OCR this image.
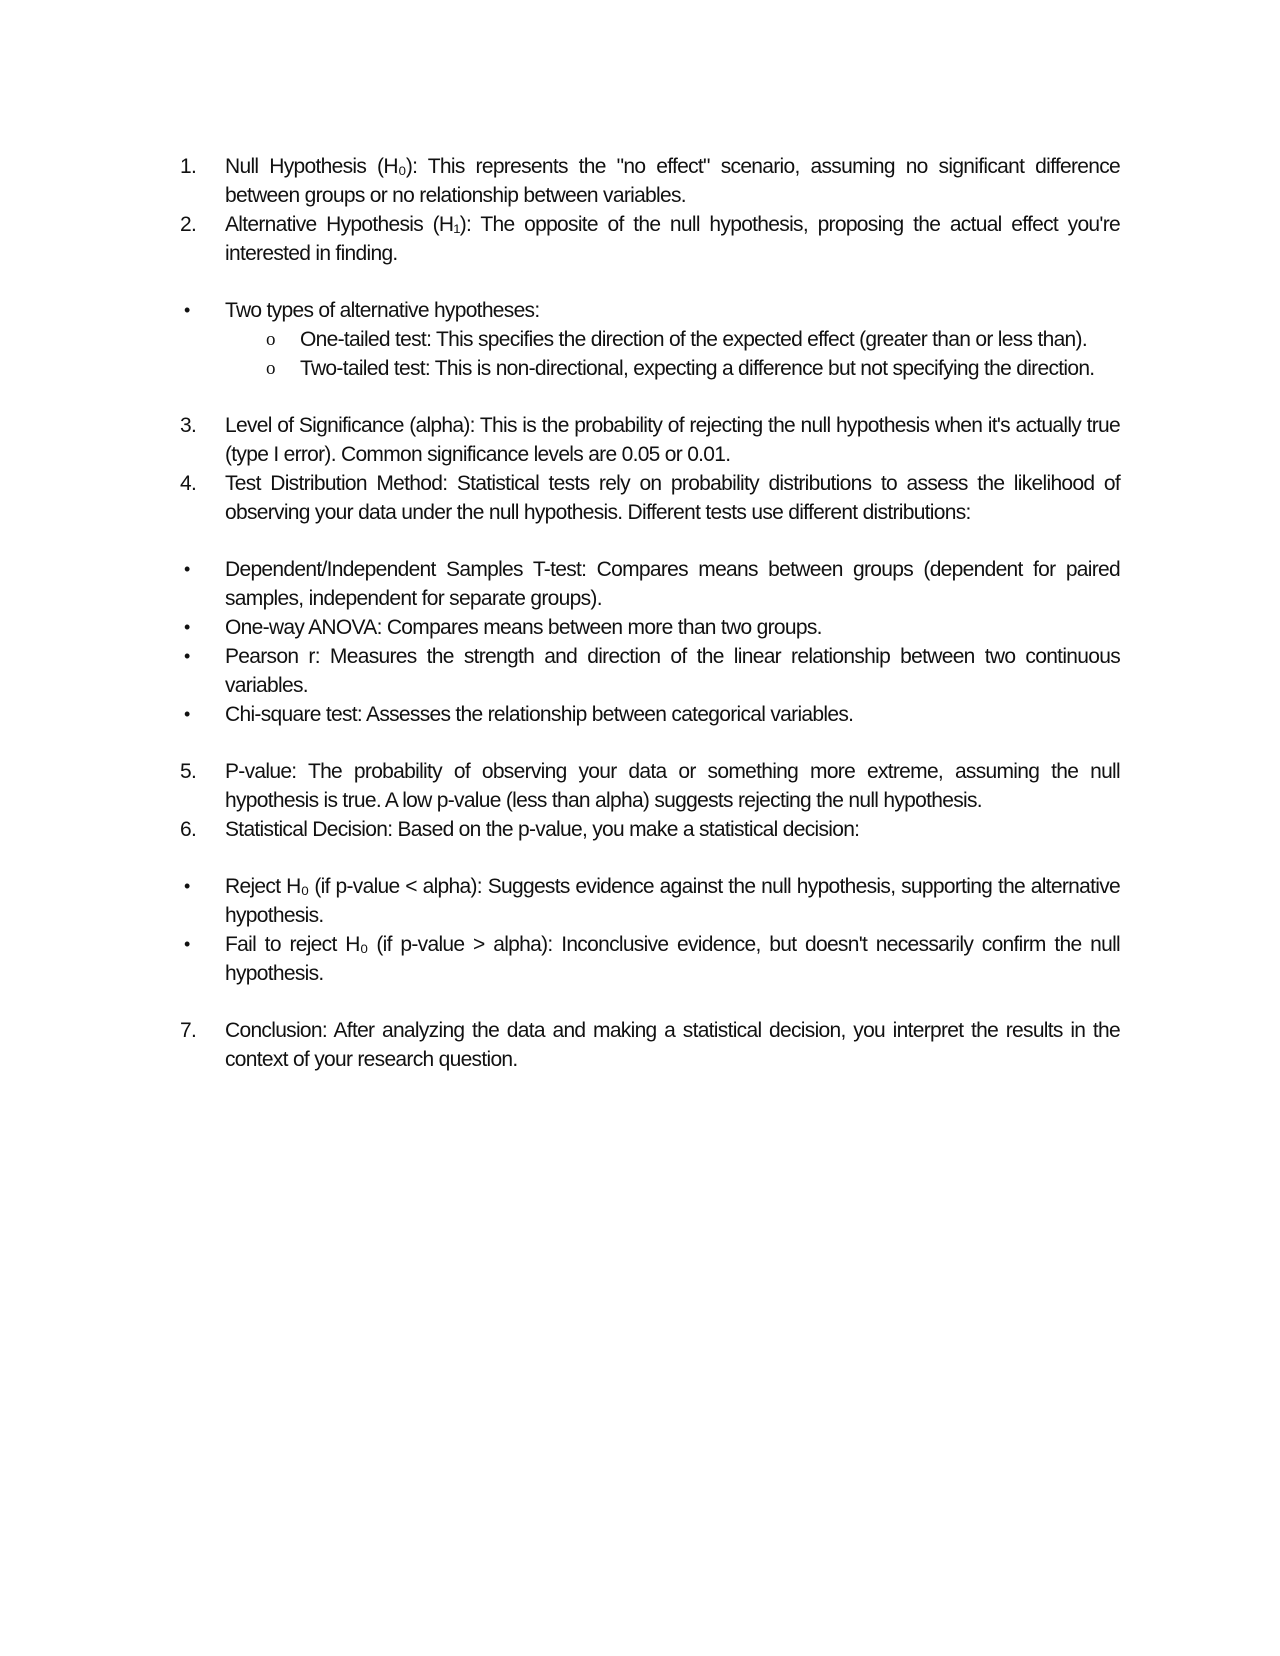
1. Null Hypothesis (H₀): This represents the "no effect" scenario, assuming no significant difference between groups or no relationship between variables.
2. Alternative Hypothesis (H₁): The opposite of the null hypothesis, proposing the actual effect you're interested in finding.
• Two types of alternative hypotheses:
o One-tailed test: This specifies the direction of the expected effect (greater than or less than).
o Two-tailed test: This is non-directional, expecting a difference but not specifying the direction.
3. Level of Significance (alpha): This is the probability of rejecting the null hypothesis when it's actually true (type I error). Common significance levels are 0.05 or 0.01.
4. Test Distribution Method: Statistical tests rely on probability distributions to assess the likelihood of observing your data under the null hypothesis. Different tests use different distributions:
• Dependent/Independent Samples T-test: Compares means between groups (dependent for paired samples, independent for separate groups).
• One-way ANOVA: Compares means between more than two groups.
• Pearson r: Measures the strength and direction of the linear relationship between two continuous variables.
• Chi-square test: Assesses the relationship between categorical variables.
5. P-value: The probability of observing your data or something more extreme, assuming the null hypothesis is true. A low p-value (less than alpha) suggests rejecting the null hypothesis.
6. Statistical Decision: Based on the p-value, you make a statistical decision:
• Reject H₀ (if p-value < alpha): Suggests evidence against the null hypothesis, supporting the alternative hypothesis.
• Fail to reject H₀ (if p-value > alpha): Inconclusive evidence, but doesn't necessarily confirm the null hypothesis.
7. Conclusion: After analyzing the data and making a statistical decision, you interpret the results in the context of your research question.
